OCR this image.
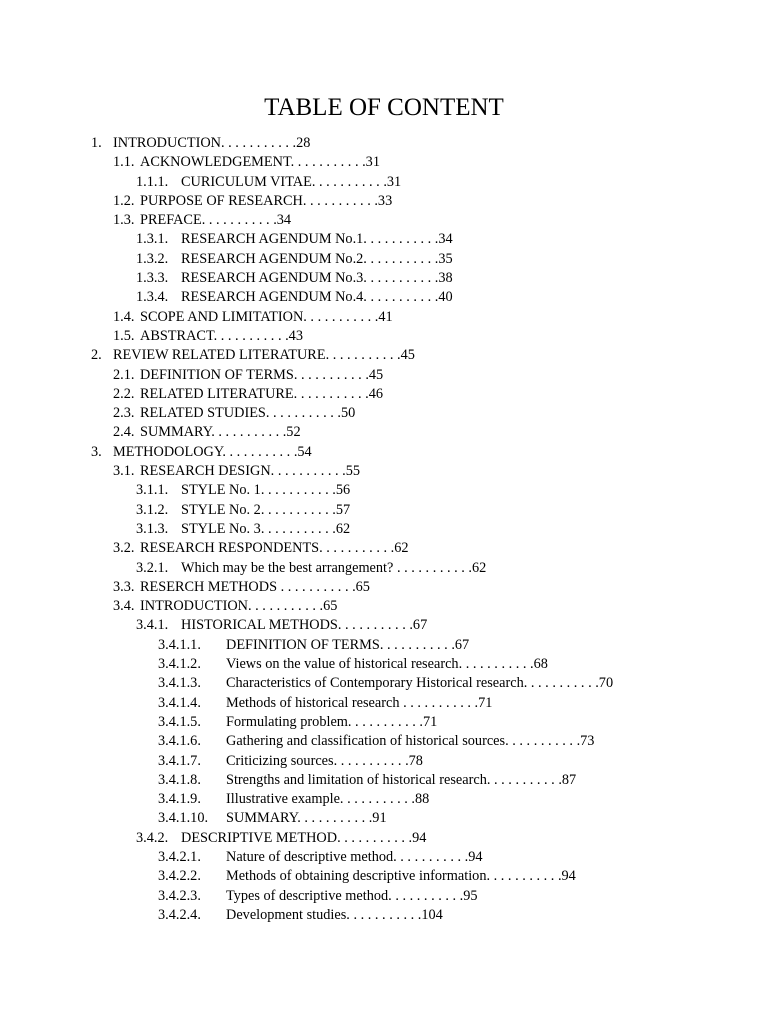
TABLE OF CONTENT
1. INTRODUCTION. . . . . . . . . . .28
1.1. ACKNOWLEDGEMENT. . . . . . . . . . .31
1.1.1. CURICULUM VITAE. . . . . . . . . . .31
1.2. PURPOSE OF RESEARCH. . . . . . . . . . .33
1.3. PREFACE. . . . . . . . . . .34
1.3.1. RESEARCH AGENDUM No.1. . . . . . . . . . .34
1.3.2. RESEARCH AGENDUM No.2. . . . . . . . . . .35
1.3.3. RESEARCH AGENDUM No.3. . . . . . . . . . .38
1.3.4. RESEARCH AGENDUM No.4. . . . . . . . . . .40
1.4. SCOPE AND LIMITATION. . . . . . . . . . .41
1.5. ABSTRACT. . . . . . . . . . .43
2. REVIEW RELATED LITERATURE. . . . . . . . . . .45
2.1. DEFINITION OF TERMS. . . . . . . . . . .45
2.2. RELATED LITERATURE. . . . . . . . . . .46
2.3. RELATED STUDIES. . . . . . . . . . .50
2.4. SUMMARY. . . . . . . . . . .52
3. METHODOLOGY. . . . . . . . . . .54
3.1. RESEARCH DESIGN. . . . . . . . . . .55
3.1.1. STYLE No. 1. . . . . . . . . . .56
3.1.2. STYLE No. 2. . . . . . . . . . .57
3.1.3. STYLE No. 3. . . . . . . . . . .62
3.2. RESEARCH RESPONDENTS. . . . . . . . . . .62
3.2.1. Which may be the best arrangement? . . . . . . . . . . .62
3.3. RESERCH METHODS . . . . . . . . . . .65
3.4. INTRODUCTION. . . . . . . . . . .65
3.4.1. HISTORICAL METHODS. . . . . . . . . . .67
3.4.1.1. DEFINITION OF TERMS. . . . . . . . . . .67
3.4.1.2. Views on the value of historical research. . . . . . . . . . .68
3.4.1.3. Characteristics of Contemporary Historical research. . . . . . . . . . .70
3.4.1.4. Methods of historical research . . . . . . . . . . .71
3.4.1.5. Formulating problem. . . . . . . . . . .71
3.4.1.6. Gathering and classification of historical sources. . . . . . . . . . .73
3.4.1.7. Criticizing sources. . . . . . . . . . .78
3.4.1.8. Strengths and limitation of historical research. . . . . . . . . . .87
3.4.1.9. Illustrative example. . . . . . . . . . .88
3.4.1.10. SUMMARY. . . . . . . . . . .91
3.4.2. DESCRIPTIVE METHOD. . . . . . . . . . .94
3.4.2.1. Nature of descriptive method. . . . . . . . . . .94
3.4.2.2. Methods of obtaining descriptive information. . . . . . . . . . .94
3.4.2.3. Types of descriptive method. . . . . . . . . . .95
3.4.2.4. Development studies. . . . . . . . . . .104
